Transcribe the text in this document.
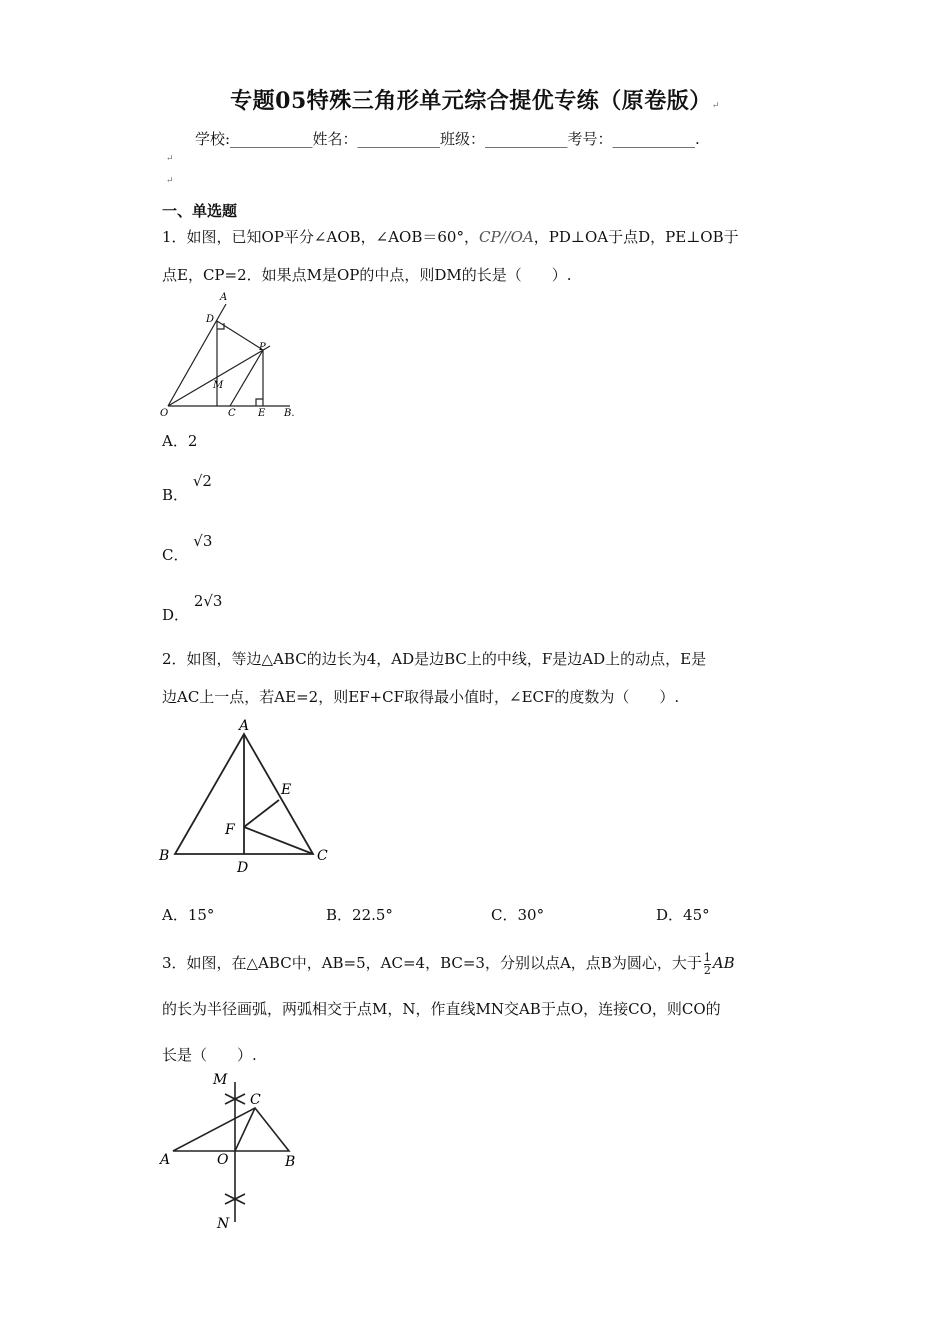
专题05特殊三角形单元综合提优专练（原卷版）↵
学校:___________姓名：___________班级：___________考号：___________.
↵
↵
一、单选题
1．如图，已知OP平分∠AOB，∠AOB＝60°，CP//OA，PD⊥OA于点D，PE⊥OB于
点E，CP=2．如果点M是OP的中点，则DM的长是（　　）.
A
D
P
M
O	C E B.
A．2
B． √2
C． √3
D． 2√3
2．如图，等边△ABC的边长为4，AD是边BC上的中线，F是边AD上的动点，E是
边AC上一点，若AE=2，则EF+CF取得最小值时，∠ECF的度数为（　　）.
A
E
F
B
D
C
A．15°	B．22.5°	C．30°	D．45°
3．如图，在△ABC中，AB=5，AC=4，BC=3，分别以点A，点B为圆心，大于 $\frac{1}{2}$ AB
的长为半径画弧，两弧相交于点M，N，作直线MN交AB于点O，连接CO，则CO的
长是（　　）.
M
C
A	O	B
N
